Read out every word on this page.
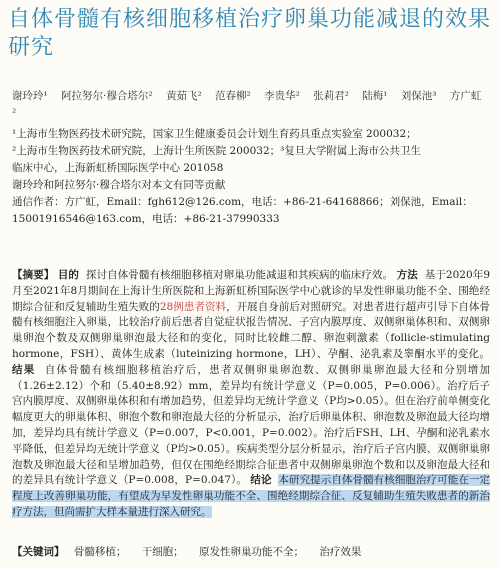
自体骨髓有核细胞移植治疗卵巢功能减退的效果研究
谢玲玲¹ 阿拉努尔·穆合塔尔² 黄茹飞² 范春柳² 李贵华² 张莉君² 陆梅¹ 刘保池³ 方广虹²
¹上海市生物医药技术研究院，国家卫生健康委员会计划生育药具重点实验室 200032；
²上海市生物医药技术研究院，上海计生所医院 200032；³复旦大学附属上海市公共卫生
临床中心，上海新虹桥国际医学中心 201058
谢玲玲和阿拉努尔·穆合塔尔对本文有同等贡献
通信作者：方广虹，Email：fgh612@126.com，电话：+86-21-64168866；刘保池，Email：
15001916546@163.com，电话：+86-21-37990333
【摘要】 目的 探讨自体骨髓有核细胞移植对卵巢功能减退和其疾病的临床疗效。 方法 基于2020年9月至2021年8月期间在上海计生所医院和上海新虹桥国际医学中心就诊的早发性卵巢功能不全、围绝经期综合征和反复辅助生殖失败的28例患者资料，开展自身前后对照研究。对患者进行超声引导下自体骨髓有核细胞注入卵巢，比较治疗前后患者自觉症状报告情况、子宫内膜厚度、双侧卵巢体积和、双侧卵巢卵泡个数及双侧卵巢卵泡最大径和的变化，同时比较雌二醇、卵泡刺激素（follicle-stimulating hormone，FSH）、黄体生成素（luteinizing hormone，LH）、孕酮、泌乳素及睾酮水平的变化。 结果 自体骨髓有核细胞移植治疗后，患者双侧卵巢卵泡数、双侧卵巢卵泡最大径和分别增加（1.26±2.12）个和（5.40±8.92）mm，差异均有统计学意义（P=0.005，P=0.006）。治疗后子宫内膜厚度、双侧卵巢体积和有增加趋势，但差异均无统计学意义（P均>0.05）。但在治疗前单侧变化幅度更大的卵巢体积、卵泡个数和卵泡最大径的分析显示，治疗后卵巢体积、卵泡数及卵泡最大径均增加，差异均具有统计学意义（P=0.007，P<0.001，P=0.002）。治疗后FSH、LH、孕酮和泌乳素水平降低，但差异均无统计学意义（P均>0.05）。疾病类型分层分析显示，治疗后子宫内膜、双侧卵巢卵泡数及卵泡最大径和呈增加趋势，但仅在围绝经期综合征患者中双侧卵巢卵泡个数和以及卵泡最大径和的差异具有统计学意义（P=0.008，P=0.047）。 结论 本研究提示自体骨髓有核细胞治疗可能在一定程度上改善卵巢功能，有望成为早发性卵巢功能不全、围绝经期综合征、反复辅助生殖失败患者的新治疗方法，但尚需扩大样本量进行深入研究。
【关键词】 骨髓移植； 干细胞； 原发性卵巢功能不全； 治疗效果
